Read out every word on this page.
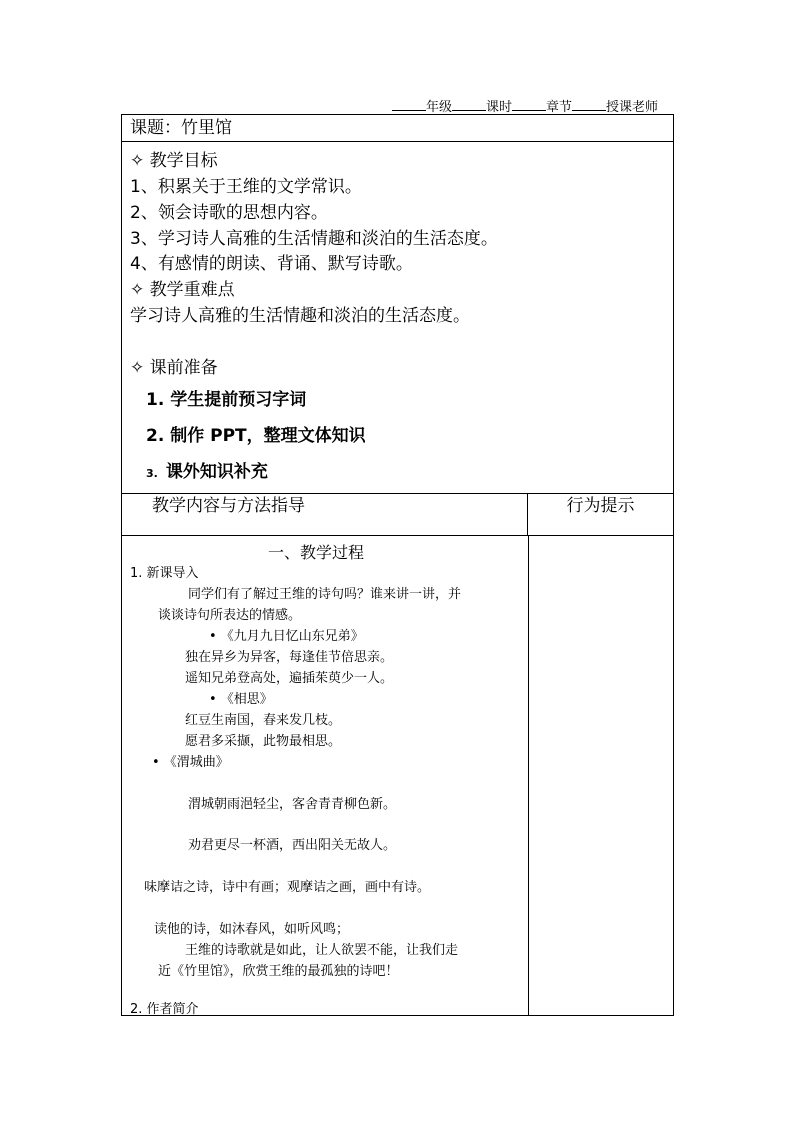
年级	课时	章节	授课老师
课题：竹里馆
✧ 教学目标
1、积累关于王维的文学常识。
2、领会诗歌的思想内容。
3、学习诗人高雅的生活情趣和淡泊的生活态度。
4、有感情的朗读、背诵、默写诗歌。
✧ 教学重难点
学习诗人高雅的生活情趣和淡泊的生活态度。
✧ 课前准备
1. 学生提前预习字词
2. 制作 PPT，整理文体知识
3. 课外知识补充
教学内容与方法指导	行为提示
一、教学过程
1. 新课导入
同学们有了解过王维的诗句吗？谁来讲一讲，并
谈谈诗句所表达的情感。
• 《九月九日忆山东兄弟》
独在异乡为异客，每逢佳节倍思亲。
遥知兄弟登高处，遍插茱萸少一人。
• 《相思》
红豆生南国，春来发几枝。
愿君多采撷，此物最相思。
• 《渭城曲》
渭城朝雨浥轻尘，客舍青青柳色新。
劝君更尽一杯酒，西出阳关无故人。
味摩诘之诗，诗中有画；观摩诘之画，画中有诗。
读他的诗，如沐春风，如听风鸣；
王维的诗歌就是如此，让人欲罢不能，让我们走
近《竹里馆》，欣赏王维的最孤独的诗吧！
2. 作者简介
